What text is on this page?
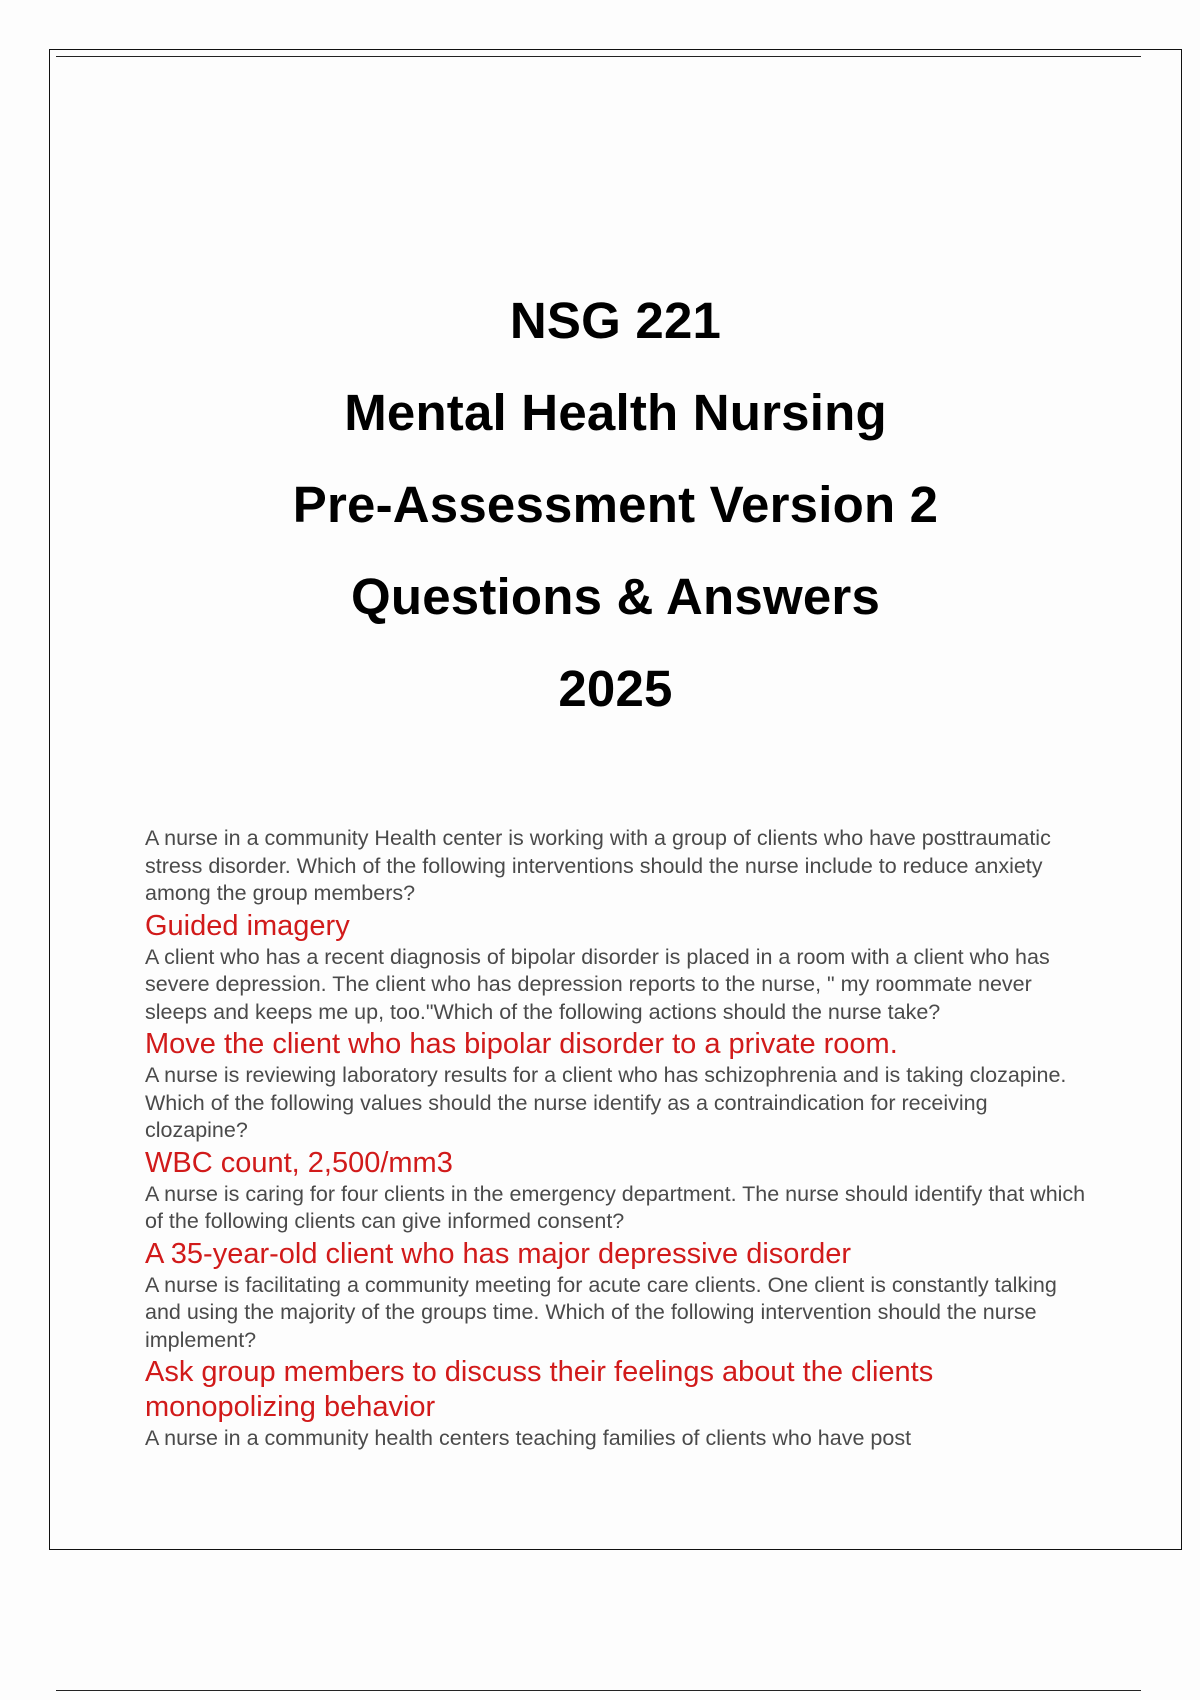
NSG 221
Mental Health Nursing
Pre-Assessment Version 2
Questions & Answers
2025

A nurse in a community Health center is working with a group of clients who have posttraumatic stress disorder. Which of the following interventions should the nurse include to reduce anxiety among the group members?

Guided imagery

A client who has a recent diagnosis of bipolar disorder is placed in a room with a client who has severe depression. The client who has depression reports to the nurse, " my roommate never sleeps and keeps me up, too."Which of the following actions should the nurse take?

Move the client who has bipolar disorder to a private room.

A nurse is reviewing laboratory results for a client who has schizophrenia and is taking clozapine. Which of the following values should the nurse identify as a contraindication for receiving clozapine?

WBC count, 2,500/mm3

A nurse is caring for four clients in the emergency department. The nurse should identify that which of the following clients can give informed consent?

A 35-year-old client who has major depressive disorder

A nurse is facilitating a community meeting for acute care clients. One client is constantly talking and using the majority of the groups time. Which of the following intervention should the nurse implement?

Ask group members to discuss their feelings about the clients monopolizing behavior

A nurse in a community health centers teaching families of clients who have post
